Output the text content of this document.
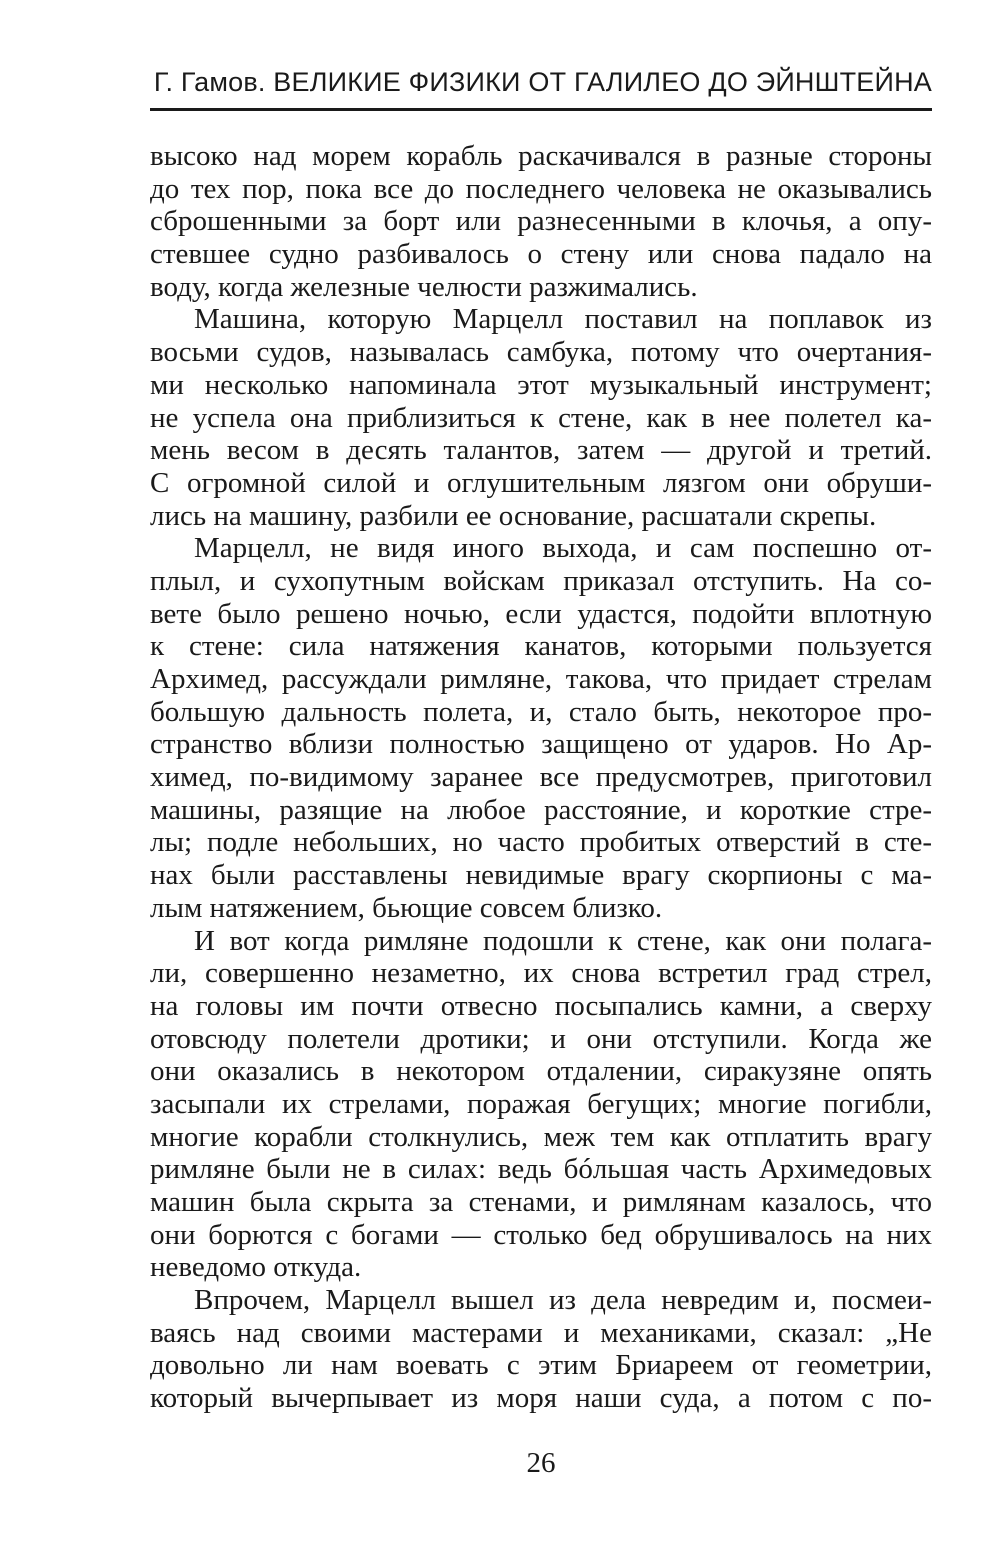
Г. Гамов. ВЕЛИКИЕ ФИЗИКИ ОТ ГАЛИЛЕО ДО ЭЙНШТЕЙНА

высоко над морем корабль раскачивался в разные стороны
до тех пор, пока все до последнего человека не оказывались
сброшенными за борт или разнесенными в клочья, а опу-
стевшее судно разбивалось о стену или снова падало на
воду, когда железные челюсти разжимались.

Машина, которую Марцелл поставил на поплавок из
восьми судов, называлась самбука, потому что очертания-
ми несколько напоминала этот музыкальный инструмент;
не успела она приблизиться к стене, как в нее полетел ка-
мень весом в десять талантов, затем — другой и третий.
С огромной силой и оглушительным лязгом они обруши-
лись на машину, разбили ее основание, расшатали скрепы.

Марцелл, не видя иного выхода, и сам поспешно от-
плыл, и сухопутным войскам приказал отступить. На со-
вете было решено ночью, если удастся, подойти вплотную
к стене: сила натяжения канатов, которыми пользуется
Архимед, рассуждали римляне, такова, что придает стрелам
большую дальность полета, и, стало быть, некоторое про-
странство вблизи полностью защищено от ударов. Но Ар-
химед, по-видимому заранее все предусмотрев, приготовил
машины, разящие на любое расстояние, и короткие стре-
лы; подле небольших, но часто пробитых отверстий в сте-
нах были расставлены невидимые врагу скорпионы с ма-
лым натяжением, бьющие совсем близко.

И вот когда римляне подошли к стене, как они полага-
ли, совершенно незаметно, их снова встретил град стрел,
на головы им почти отвесно посыпались камни, а сверху
отовсюду полетели дротики; и они отступили. Когда же
они оказались в некотором отдалении, сиракузяне опять
засыпали их стрелами, поражая бегущих; многие погибли,
многие корабли столкнулись, меж тем как отплатить врагу
римляне были не в силах: ведь бóльшая часть Архимедовых
машин была скрыта за стенами, и римлянам казалось, что
они борются с богами — столько бед обрушивалось на них
неведомо откуда.

Впрочем, Марцелл вышел из дела невредим и, посмеи-
ваясь над своими мастерами и механиками, сказал: „Не
довольно ли нам воевать с этим Бриареем от геометрии,
который вычерпывает из моря наши суда, а потом с по-

26
